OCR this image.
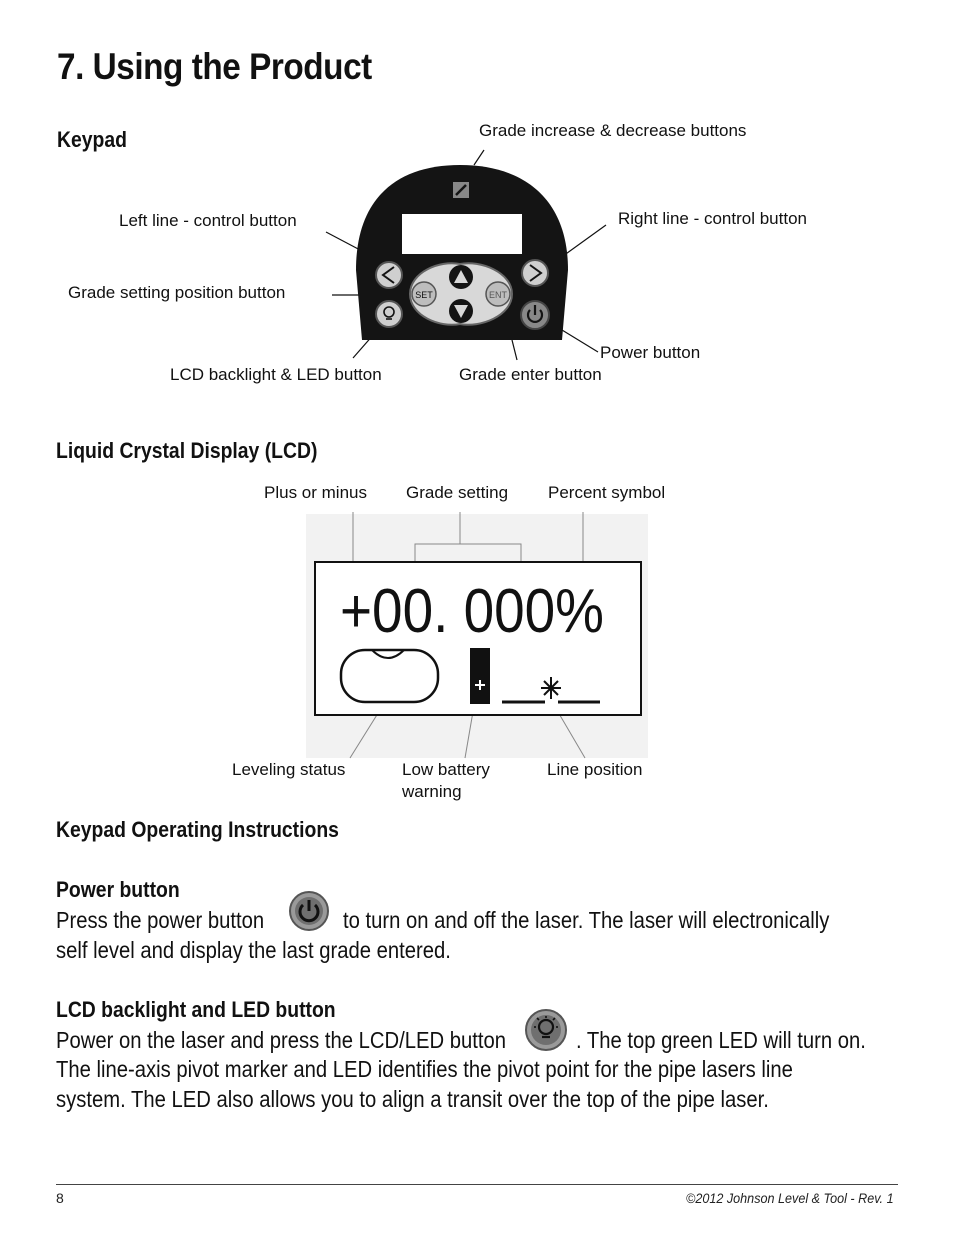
7. Using the Product
Keypad	Grade increase & decrease buttons
Left line - control button	Right line - control button
Grade setting position button
Power button
LCD backlight & LED button	Grade enter button
SET	ENT
Liquid Crystal Display (LCD)
Plus or minus Grade setting Percent symbol
Leveling status	Low battery
warning
Line position
+00. 000%
Keypad Operating Instructions
Power button
Press the power button	to turn on and off the laser. The laser will electronically
self level and display the last grade entered.
LCD backlight and LED button
Power on the laser and press the LCD/LED button	. The top green LED will turn on.
The line-axis pivot marker and LED identifies the pivot point for the pipe lasers line
system. The LED also allows you to align a transit over the top of the pipe laser.
8	©2012 Johnson Level & Tool - Rev. 1
